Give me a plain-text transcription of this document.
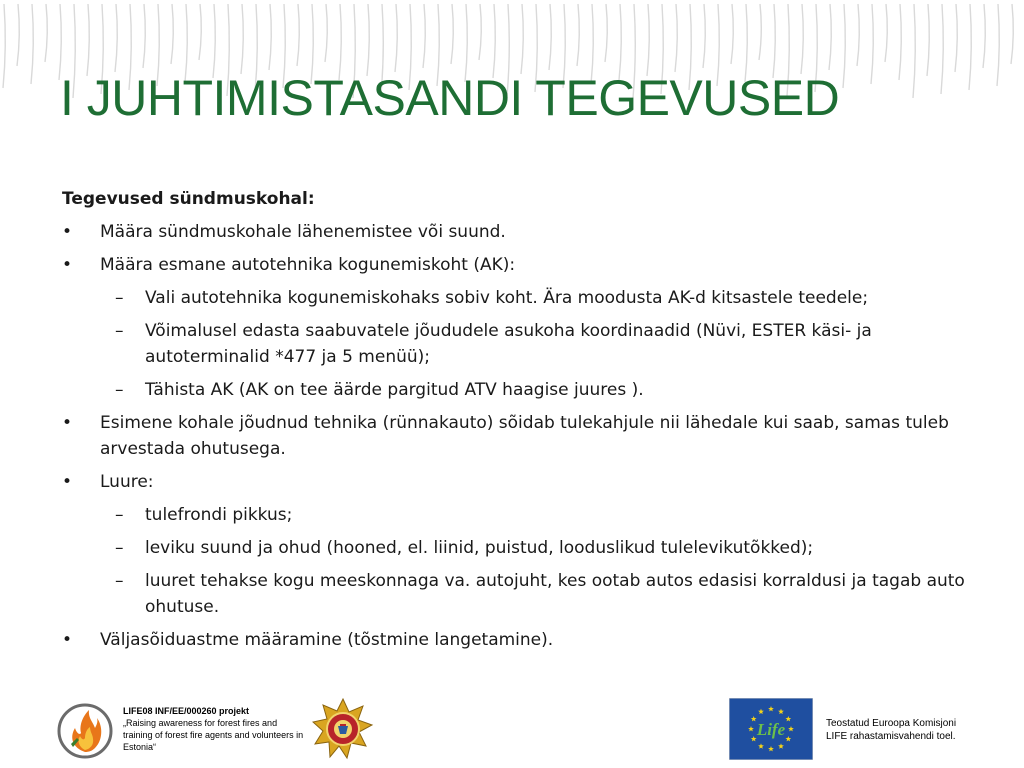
I JUHTIMISTASANDI TEGEVUSED
Tegevused sündmuskohal:
• Määra sündmuskohale lähenemistee või suund.
• Määra esmane autotehnika kogunemiskoht (AK):
– Vali autotehnika kogunemiskohaks sobiv koht. Ära moodusta AK-d kitsastele teedele;
– Võimalusel edasta saabuvatele jõududele asukoha koordinaadid (Nüvi, ESTER käsi- ja autoterminalid *477 ja 5 menüü);
– Tähista AK (AK on tee äärde pargitud ATV haagise juures ).
• Esimene kohale jõudnud tehnika (rünnakauto) sõidab tulekahjule nii lähedale kui saab, samas tuleb arvestada ohutusega.
• Luure:
– tulefrondi pikkus;
– leviku suund ja ohud (hooned, el. liinid, puistud, looduslikud tulelevikutõkked);
– luuret tehakse kogu meeskonnaga va. autojuht, kes ootab autos edasisi korraldusi ja tagab auto ohutuse.
• Väljasõiduastme määramine (tõstmine langetamine).
LIFE08 INF/EE/000260 projekt
„Raising awareness for forest fires and training of forest fire agents and volunteers in Estonia“
Life	Teostatud Euroopa Komisjoni
LIFE rahastamisvahendi toel.
